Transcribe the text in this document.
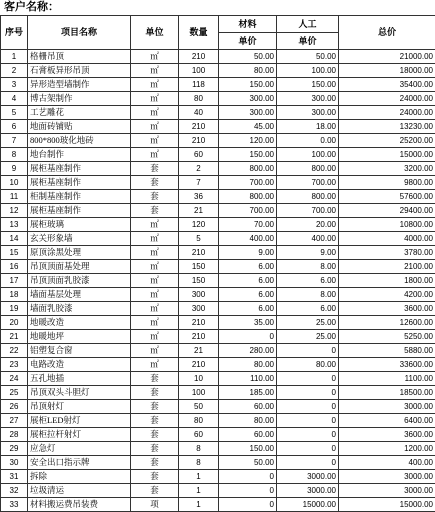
客户名称：
序号	项目名称	单位	数量	材料	人工	总价
				单价	单价	
1	格栅吊顶	㎡	210	50.00	50.00	21000.00
2	石膏板异形吊顶	㎡	100	80.00	100.00	18000.00
3	异形造型墙制作	㎡	118	150.00	150.00	35400.00
4	博古架制作	㎡	80	300.00	300.00	24000.00
5	工艺雕花	㎡	40	300.00	300.00	24000.00
6	地面砖铺贴	㎡	210	45.00	18.00	13230.00
7	800*800玻化地砖	㎡	210	120.00	0.00	25200.00
8	地台制作	㎡	60	150.00	100.00	15000.00
9	展柜基座制作	套	2	800.00	800.00	3200.00
10	展柜基座制作	套	7	700.00	700.00	9800.00
11	柜制基座制作	套	36	800.00	800.00	57600.00
12	展柜基座制作	套	21	700.00	700.00	29400.00
13	展柜玻璃	㎡	120	70.00	20.00	10800.00
14	玄关形象墙	㎡	5	400.00	400.00	4000.00
15	原顶涂黑处理	㎡	210	9.00	9.00	3780.00
16	吊顶顶面基处理	㎡	150	6.00	8.00	2100.00
17	吊顶顶面乳胶漆	㎡	150	6.00	6.00	1800.00
18	墙面基层处理	㎡	300	6.00	8.00	4200.00
19	墙面乳胶漆	㎡	300	6.00	6.00	3600.00
20	地暖改造	㎡	210	35.00	25.00	12600.00
21	地暖地坪	㎡	210	0	25.00	5250.00
22	铝塑复合窗	㎡	21	280.00	0	5880.00
23	电路改造	㎡	210	80.00	80.00	33600.00
24	五孔地插	套	10	110.00	0	1100.00
25	吊顶双头斗胆灯	套	100	185.00	0	18500.00
26	吊顶射灯	套	50	60.00	0	3000.00
27	展柜LED射灯	套	80	80.00	0	6400.00
28	展柜拉杆射灯	套	60	60.00	0	3600.00
29	应急灯	套	8	150.00	0	1200.00
30	安全出口指示牌	套	8	50.00	0	400.00
31	拆除	套	1	0	3000.00	3000.00
32	垃圾清运	套	1	0	3000.00	3000.00
33	材料搬运费吊装费	项	1	0	15000.00	15000.00
